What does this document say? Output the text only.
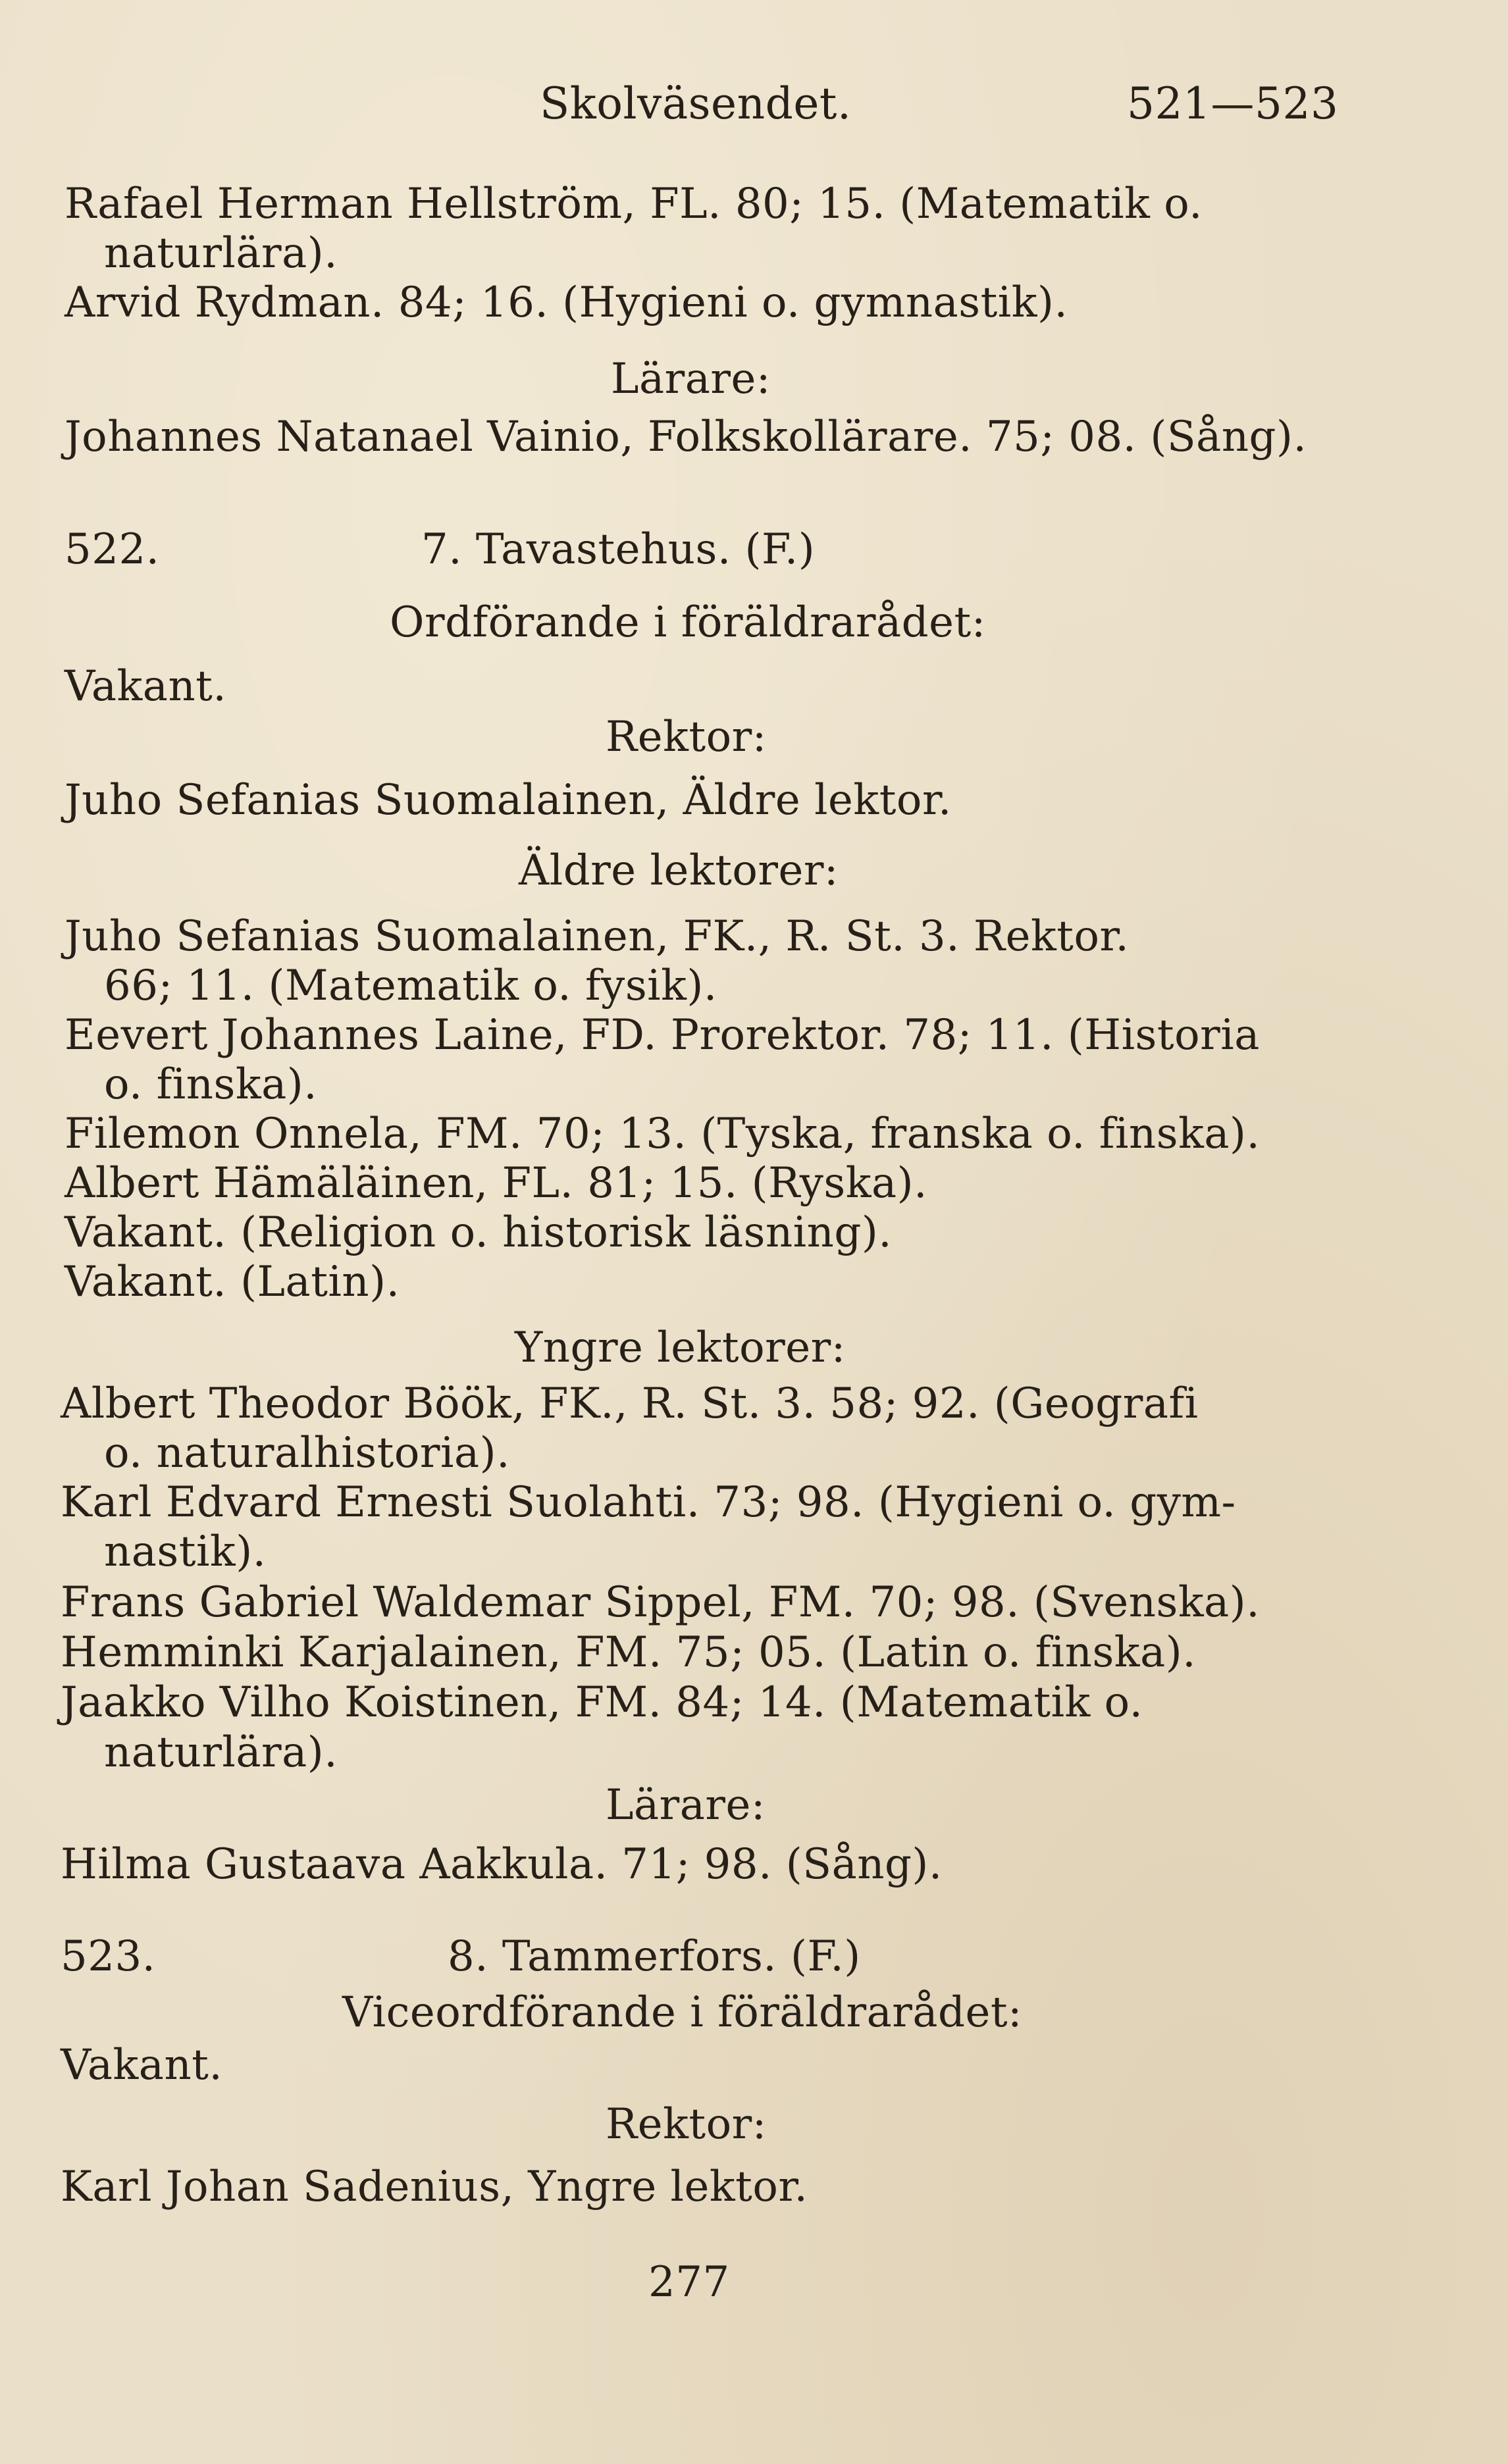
Skolväsendet.	521—523
Rafael Herman Hellström, FL. 80; 15. (Matematik o.
naturlära).
Arvid Rydman. 84; 16. (Hygieni o. gymnastik).
Lärare:
Johannes Natanael Vainio, Folkskollärare. 75; 08. (Sång).
522.	7. Tavastehus. (F.)
Ordförande i föräldrarådet:
Vakant.
Rektor:
Juho Sefanias Suomalainen, Äldre lektor.
Äldre lektorer:
Juho Sefanias Suomalainen, FK., R. St. 3. Rektor.
66; 11. (Matematik o. fysik).
Eevert Johannes Laine, FD. Prorektor. 78; 11. (Historia
o. finska).
Filemon Onnela, FM. 70; 13. (Tyska, franska o. finska).
Albert Hämäläinen, FL. 81; 15. (Ryska).
Vakant. (Religion o. historisk läsning).
Vakant. (Latin).
Yngre lektorer:
Albert Theodor Böök, FK., R. St. 3. 58; 92. (Geografi
o. naturalhistoria).
Karl Edvard Ernesti Suolahti. 73; 98. (Hygieni o. gym-
nastik).
Frans Gabriel Waldemar Sippel, FM. 70; 98. (Svenska).
Hemminki Karjalainen, FM. 75; 05. (Latin o. finska).
Jaakko Vilho Koistinen, FM. 84; 14. (Matematik o.
naturlära).
Lärare:
Hilma Gustaava Aakkula. 71; 98. (Sång).
523.	8. Tammerfors. (F.)
Viceordförande i föräldrarådet:
Vakant.
Rektor:
Karl Johan Sadenius, Yngre lektor.
277
